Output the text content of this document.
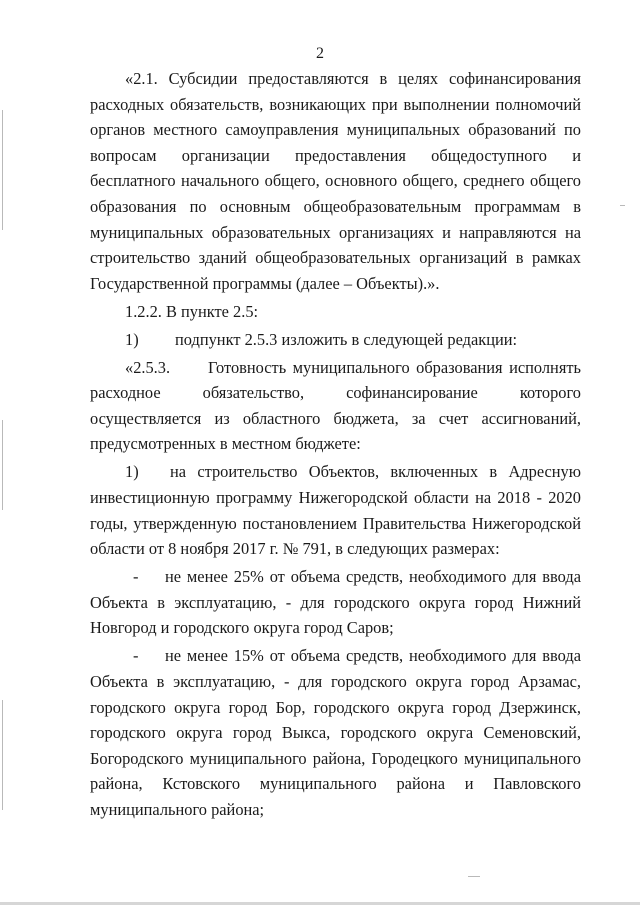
2

«2.1. Субсидии предоставляются в целях софинансирования расходных обязательств, возникающих при выполнении полномочий органов местного самоуправления муниципальных образований по вопросам организации предоставления общедоступного и бесплатного начального общего, основного общего, среднего общего образования по основным общеобразовательным программам в муниципальных образовательных организациях и направляются на строительство зданий общеобразовательных организаций в рамках Государственной программы (далее – Объекты).».

1.2.2. В пункте 2.5:

1) подпункт 2.5.3 изложить в следующей редакции:

«2.5.3. Готовность муниципального образования исполнять расходное обязательство, софинансирование которого осуществляется из областного бюджета, за счет ассигнований, предусмотренных в местном бюджете:

1) на строительство Объектов, включенных в Адресную инвестиционную программу Нижегородской области на 2018 - 2020 годы, утвержденную постановлением Правительства Нижегородской области от 8 ноября 2017 г. № 791, в следующих размерах:

- не менее 25% от объема средств, необходимого для ввода Объекта в эксплуатацию, - для городского округа город Нижний Новгород и городского округа город Саров;

- не менее 15% от объема средств, необходимого для ввода Объекта в эксплуатацию, - для городского округа город Арзамас, городского округа город Бор, городского округа город Дзержинск, городского округа город Выкса, городского округа Семеновский, Богородского муниципального района, Городецкого муниципального района, Кстовского муниципального района и Павловского муниципального района;
